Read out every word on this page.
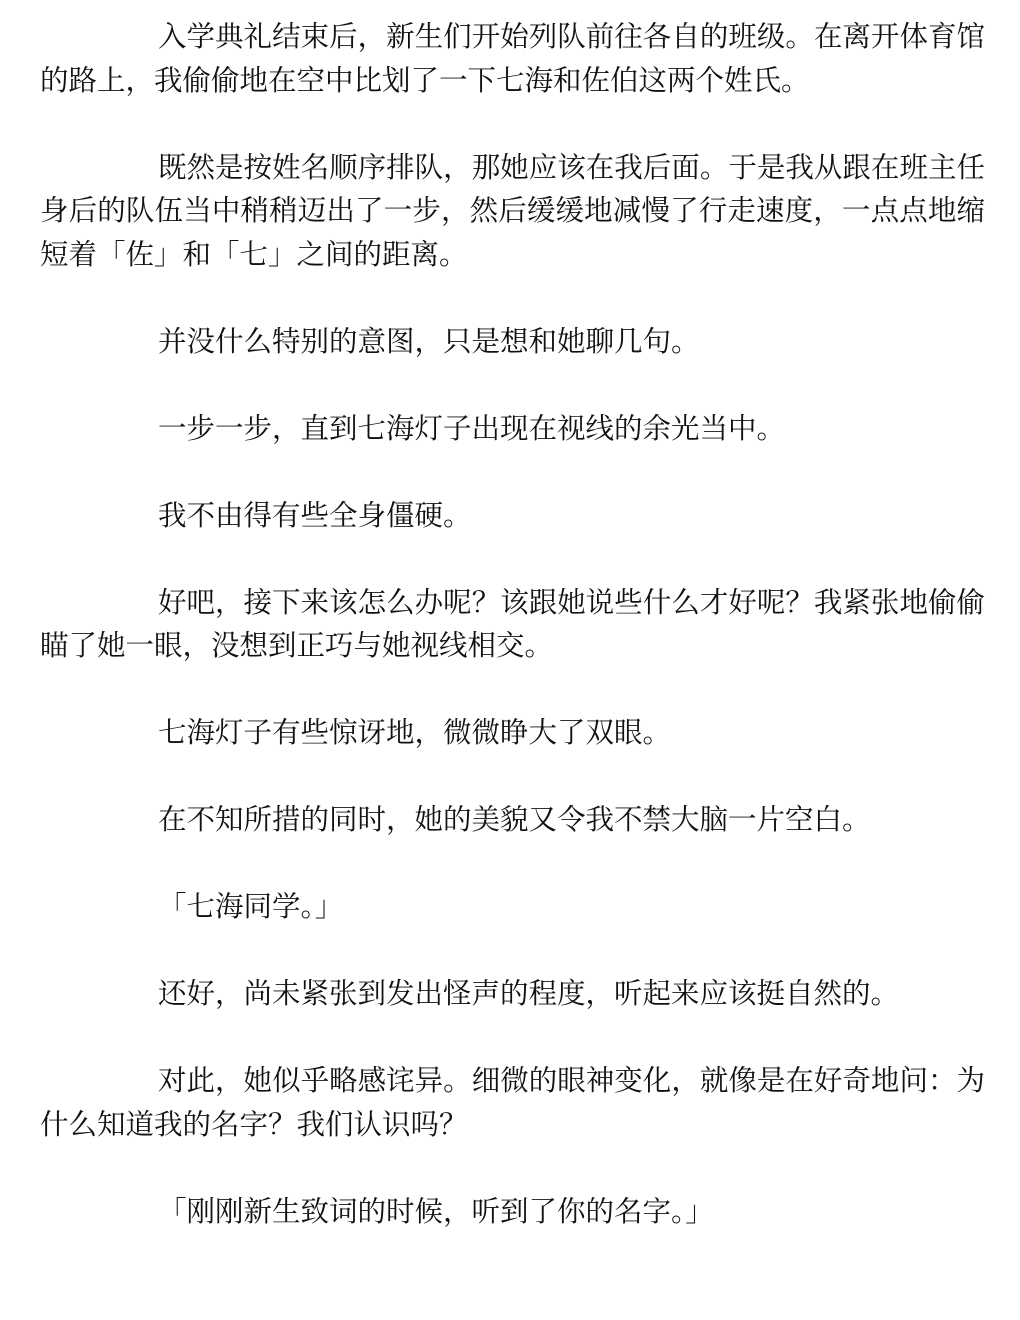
入学典礼结束后，新生们开始列队前往各自的班级。在离开体育馆的路上，我偷偷地在空中比划了一下七海和佐伯这两个姓氏。

既然是按姓名顺序排队，那她应该在我后面。于是我从跟在班主任身后的队伍当中稍稍迈出了一步，然后缓缓地减慢了行走速度，一点点地缩短着「佐」和「七」之间的距离。

并没什么特别的意图，只是想和她聊几句。

一步一步，直到七海灯子出现在视线的余光当中。

我不由得有些全身僵硬。

好吧，接下来该怎么办呢？该跟她说些什么才好呢？我紧张地偷偷瞄了她一眼，没想到正巧与她视线相交。

七海灯子有些惊讶地，微微睁大了双眼。

在不知所措的同时，她的美貌又令我不禁大脑一片空白。

「七海同学。」

还好，尚未紧张到发出怪声的程度，听起来应该挺自然的。

对此，她似乎略感诧异。细微的眼神变化，就像是在好奇地问：为什么知道我的名字？我们认识吗？

「刚刚新生致词的时候，听到了你的名字。」
